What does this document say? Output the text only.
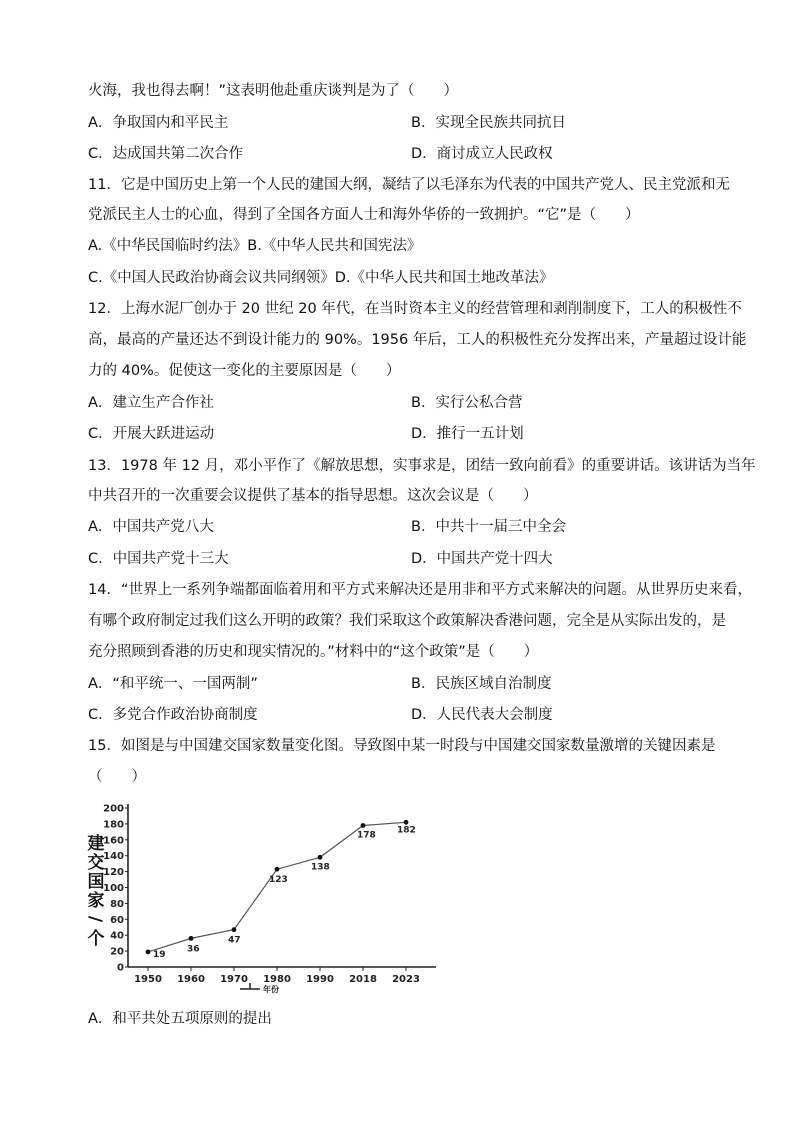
火海，我也得去啊！”这表明他赴重庆谈判是为了（　　）
A．争取国内和平民主	B．实现全民族共同抗日
C．达成国共第二次合作	D．商讨成立人民政权
11．它是中国历史上第一个人民的建国大纲，凝结了以毛泽东为代表的中国共产党人、民主党派和无
党派民主人士的心血，得到了全国各方面人士和海外华侨的一致拥护。“它”是（　　）
A.《中华民国临时约法》B.《中华人民共和国宪法》
C.《中国人民政治协商会议共同纲领》D.《中华人民共和国土地改革法》
12．上海水泥厂创办于 20 世纪 20 年代，在当时资本主义的经营管理和剥削制度下，工人的积极性不
高，最高的产量还达不到设计能力的 90%。1956 年后，工人的积极性充分发挥出来，产量超过设计能
力的 40%。促使这一变化的主要原因是（　　）
A．建立生产合作社	B．实行公私合营
C．开展大跃进运动	D．推行一五计划
13．1978 年 12 月，邓小平作了《解放思想，实事求是，团结一致向前看》的重要讲话。该讲话为当年
中共召开的一次重要会议提供了基本的指导思想。这次会议是（　　）
A．中国共产党八大	B．中共十一届三中全会
C．中国共产党十三大	D．中国共产党十四大
14．“世界上一系列争端都面临着用和平方式来解决还是用非和平方式来解决的问题。从世界历史来看，
有哪个政府制定过我们这么开明的政策？我们采取这个政策解决香港问题，完全是从实际出发的，是
充分照顾到香港的历史和现实情况的。”材料中的“这个政策”是（　　）
A．“和平统一、一国两制”	B．民族区域自治制度
C．多党合作政治协商制度	D．人民代表大会制度
15．如图是与中国建交国家数量变化图。导致图中某一时段与中国建交国家数量激增的关键因素是
（　　）
A．和平共处五项原则的提出
建
交
国
家
/
个
0
20
40
60
80
100
120
140
160
180
200
1950 1960 1970 1980 1990 2018 2023
19
36
47
123
138
178
182
年份
